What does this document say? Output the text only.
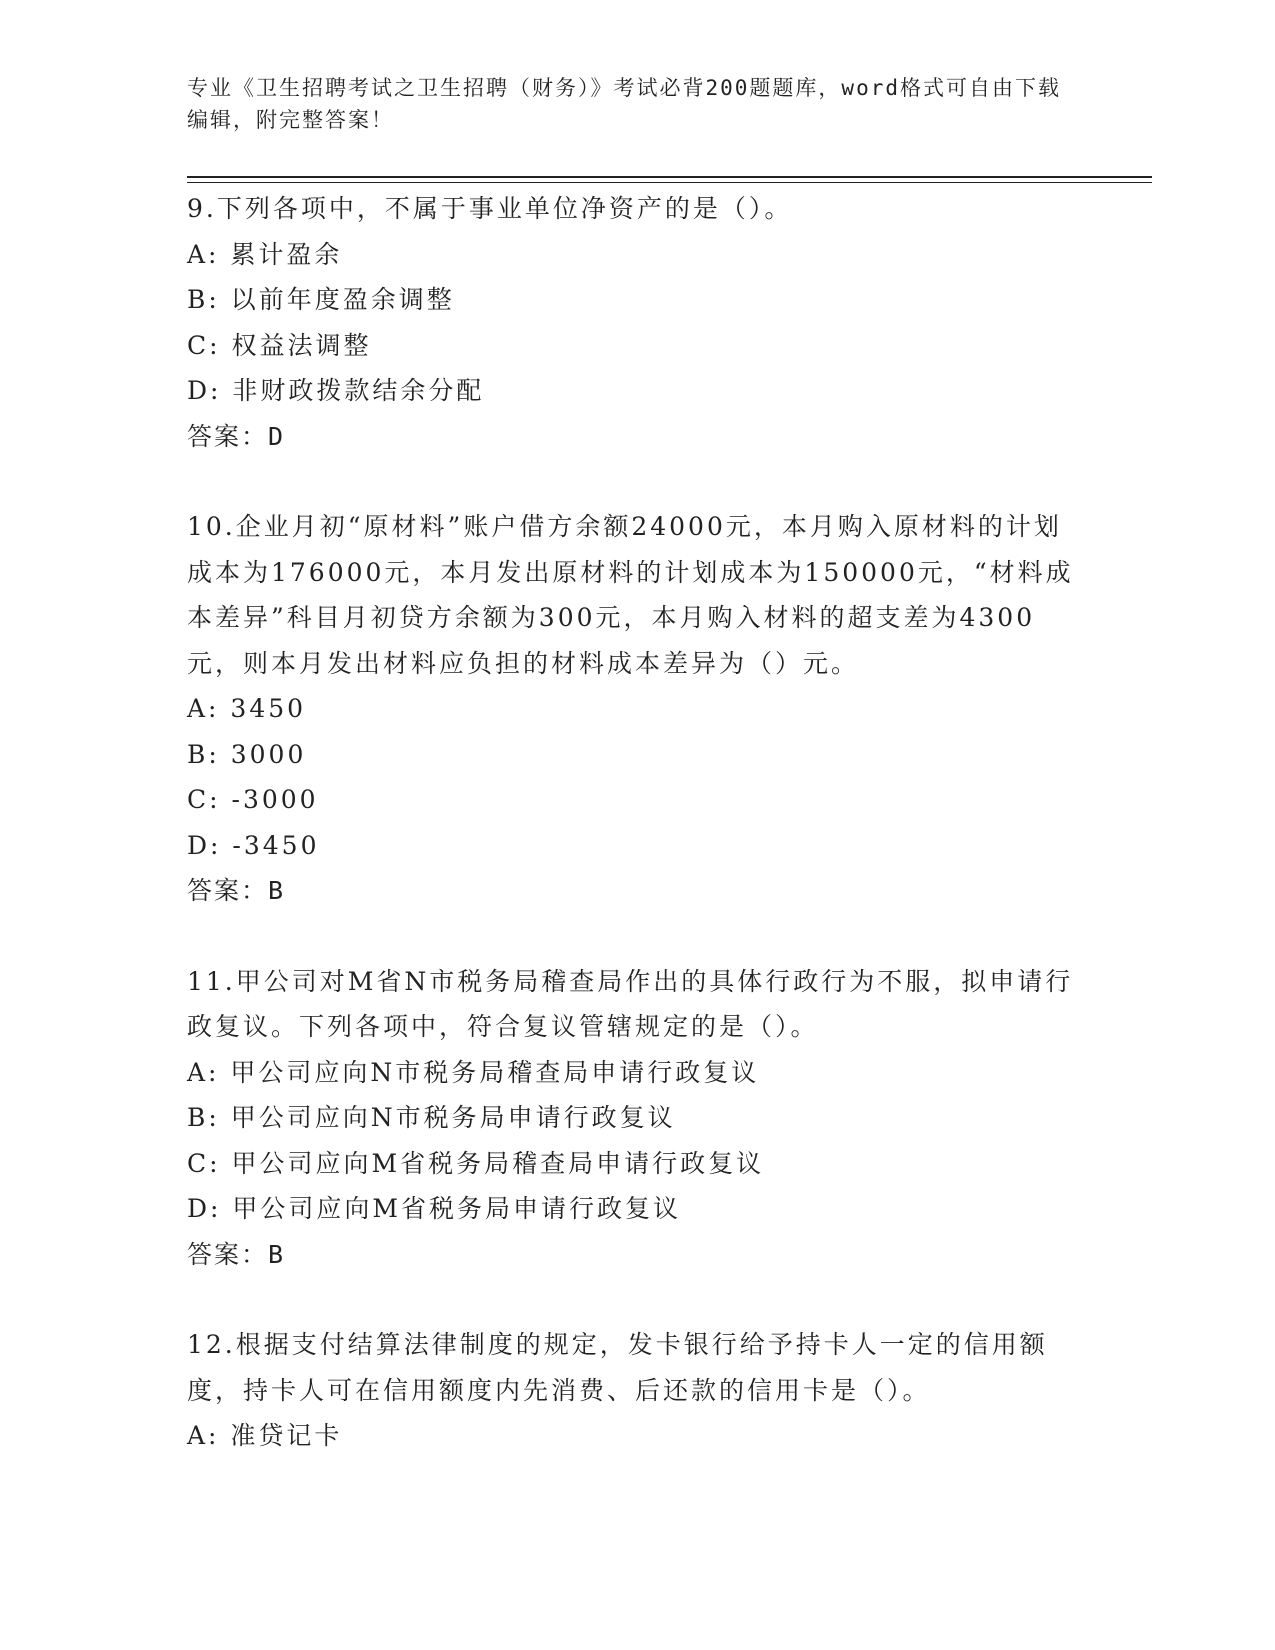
专业《卫生招聘考试之卫生招聘（财务）》考试必背200题题库，word格式可自由下载编辑，附完整答案！
9.下列各项中，不属于事业单位净资产的是（）。
A: 累计盈余
B: 以前年度盈余调整
C: 权益法调整
D: 非财政拨款结余分配
答案：D
10.企业月初“原材料”账户借方余额24000元，本月购入原材料的计划成本为176000元，本月发出原材料的计划成本为150000元，“材料成本差异”科目月初贷方余额为300元，本月购入材料的超支差为4300元，则本月发出材料应负担的材料成本差异为（）元。
A: 3450
B: 3000
C: -3000
D: -3450
答案：B
11.甲公司对M省N市税务局稽查局作出的具体行政行为不服，拟申请行政复议。下列各项中，符合复议管辖规定的是（）。
A: 甲公司应向N市税务局稽查局申请行政复议
B: 甲公司应向N市税务局申请行政复议
C: 甲公司应向M省税务局稽查局申请行政复议
D: 甲公司应向M省税务局申请行政复议
答案：B
12.根据支付结算法律制度的规定，发卡银行给予持卡人一定的信用额度，持卡人可在信用额度内先消费、后还款的信用卡是（）。
A: 准贷记卡
